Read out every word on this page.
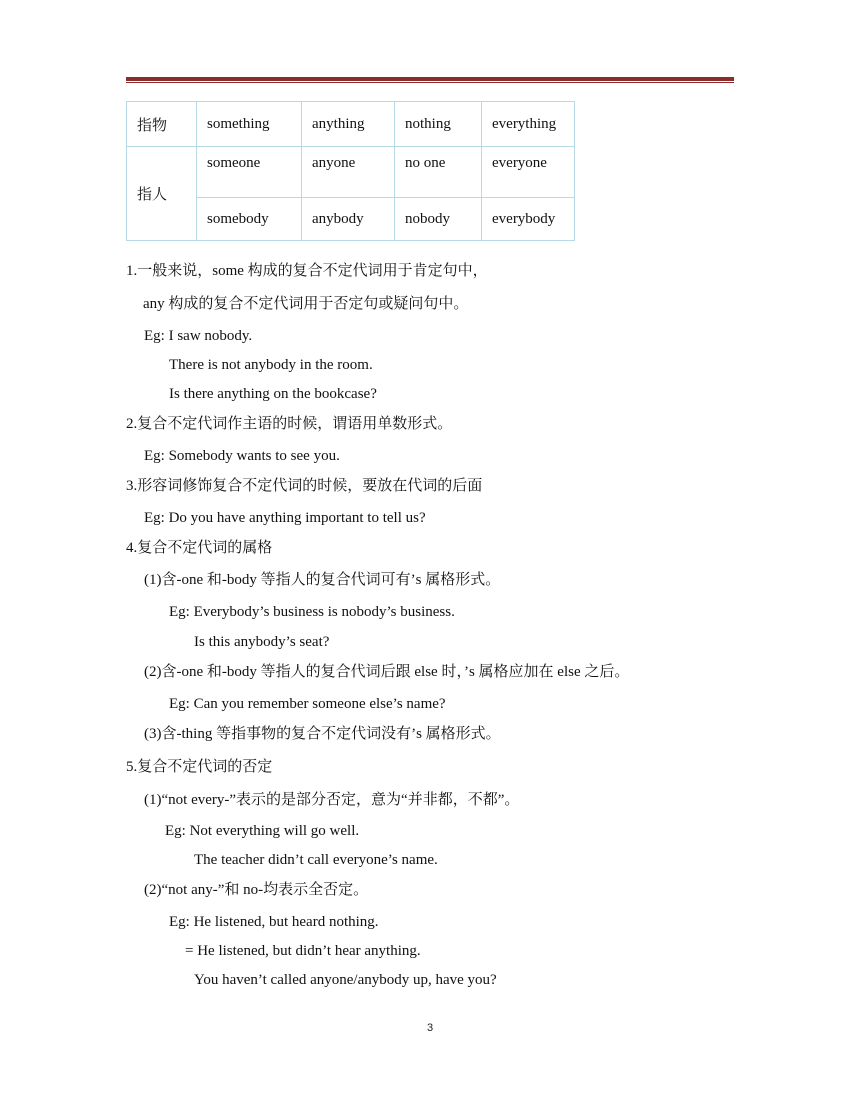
指物	something	anything	nothing	everything
指人	someone	anyone	no one	everyone
	somebody	anybody	nobody	everybody
1.一般来说，some 构成的复合不定代词用于肯定句中，
any 构成的复合不定代词用于否定句或疑问句中。
Eg: I saw nobody.
There is not anybody in the room.
Is there anything on the bookcase?
2.复合不定代词作主语的时候，谓语用单数形式。
Eg: Somebody wants to see you.
3.形容词修饰复合不定代词的时候，要放在代词的后面
Eg: Do you have anything important to tell us?
4.复合不定代词的属格
(1)含-one 和-body 等指人的复合代词可有’s 属格形式。
Eg: Everybody’s business is nobody’s business.
Is this anybody’s seat?
(2)含-one 和-body 等指人的复合代词后跟 else 时，’s 属格应加在 else 之后。
Eg: Can you remember someone else’s name?
(3)含-thing 等指事物的复合不定代词没有’s 属格形式。
5.复合不定代词的否定
(1)“not every-”表示的是部分否定，意为“并非都，不都”。
Eg: Not everything will go well.
The teacher didn’t call everyone’s name.
(2)“not any-”和 no-均表示全否定。
Eg: He listened, but heard nothing.
= He listened, but didn’t hear anything.
You haven’t called anyone/anybody up, have you?
3
